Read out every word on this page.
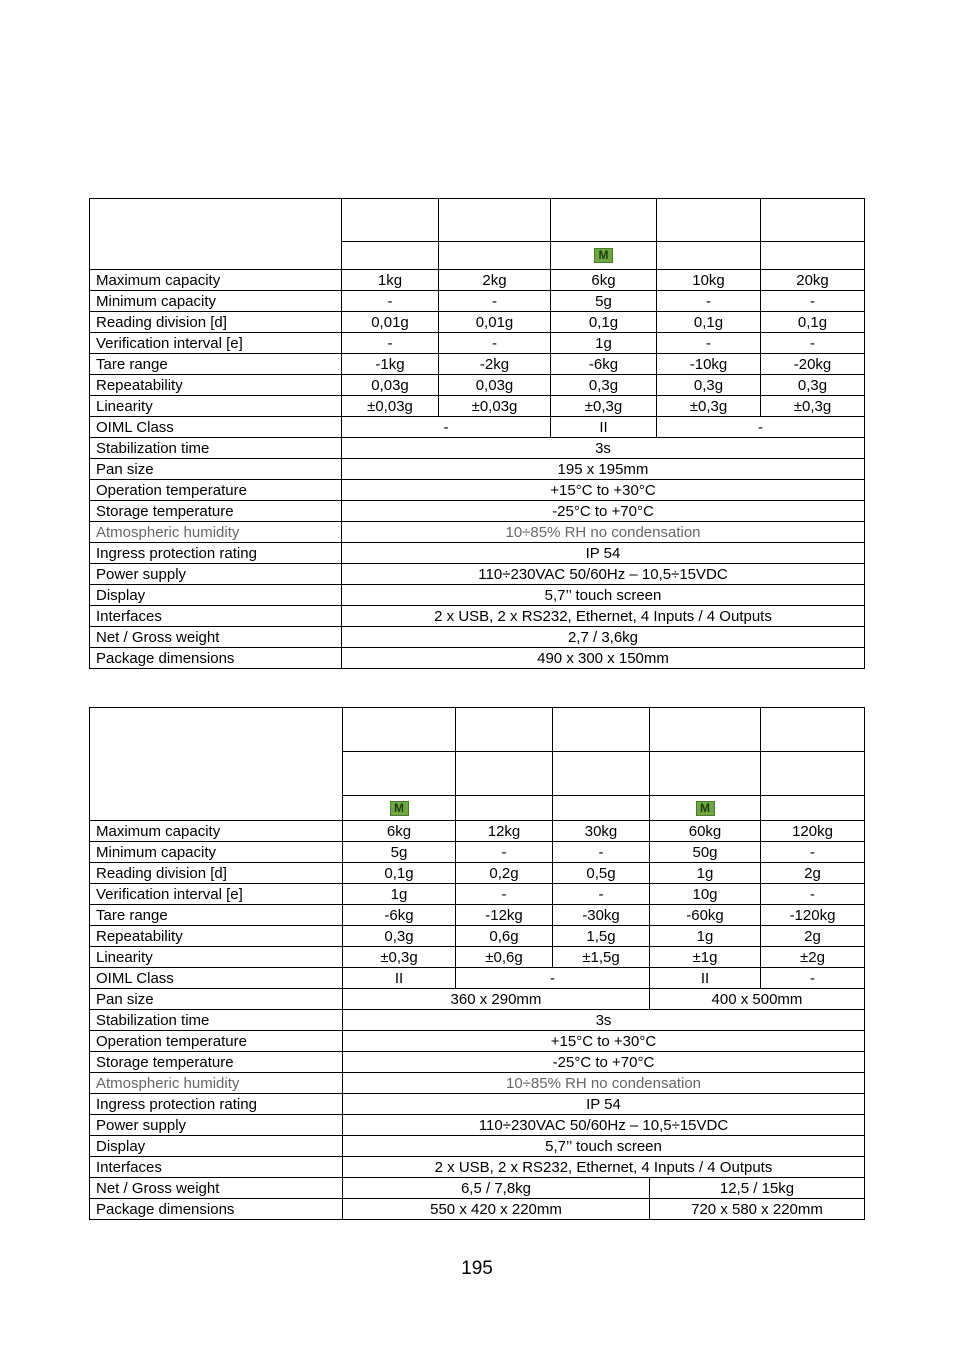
			M		
Maximum capacity	1kg	2kg	6kg	10kg	20kg
Minimum capacity	-	-	5g	-	-
Reading division [d]	0,01g	0,01g	0,1g	0,1g	0,1g
Verification interval [e]	-	-	1g	-	-
Tare range	-1kg	-2kg	-6kg	-10kg	-20kg
Repeatability	0,03g	0,03g	0,3g	0,3g	0,3g
Linearity	±0,03g	±0,03g	±0,3g	±0,3g	±0,3g
OIML Class	-		II	-	
Stabilization time	3s				
Pan size	195 x 195mm				
Operation temperature	+15°C to +30°C				
Storage temperature	-25°C to +70°C				
Atmospheric humidity	10÷85% RH no condensation				
Ingress protection rating	IP 54				
Power supply	110÷230VAC 50/60Hz – 10,5÷15VDC				
Display	5,7’’ touch screen				
Interfaces	2 x USB, 2 x RS232, Ethernet, 4 Inputs / 4 Outputs				
Net / Gross weight	2,7 / 3,6kg				
Package dimensions	490 x 300 x 150mm				

	M			M	
Maximum capacity	6kg	12kg	30kg	60kg	120kg
Minimum capacity	5g	-	-	50g	-
Reading division [d]	0,1g	0,2g	0,5g	1g	2g
Verification interval [e]	1g	-	-	10g	-
Tare range	-6kg	-12kg	-30kg	-60kg	-120kg
Repeatability	0,3g	0,6g	1,5g	1g	2g
Linearity	±0,3g	±0,6g	±1,5g	±1g	±2g
OIML Class	II	-		II	-
Pan size	360 x 290mm			400 x 500mm	
Stabilization time	3s				
Operation temperature	+15°C to +30°C				
Storage temperature	-25°C to +70°C				
Atmospheric humidity	10÷85% RH no condensation				
Ingress protection rating	IP 54				
Power supply	110÷230VAC 50/60Hz – 10,5÷15VDC				
Display	5,7’’ touch screen				
Interfaces	2 x USB, 2 x RS232, Ethernet, 4 Inputs / 4 Outputs				
Net / Gross weight	6,5 / 7,8kg			12,5 / 15kg	
Package dimensions	550 x 420 x 220mm			720 x 580 x 220mm	
195
